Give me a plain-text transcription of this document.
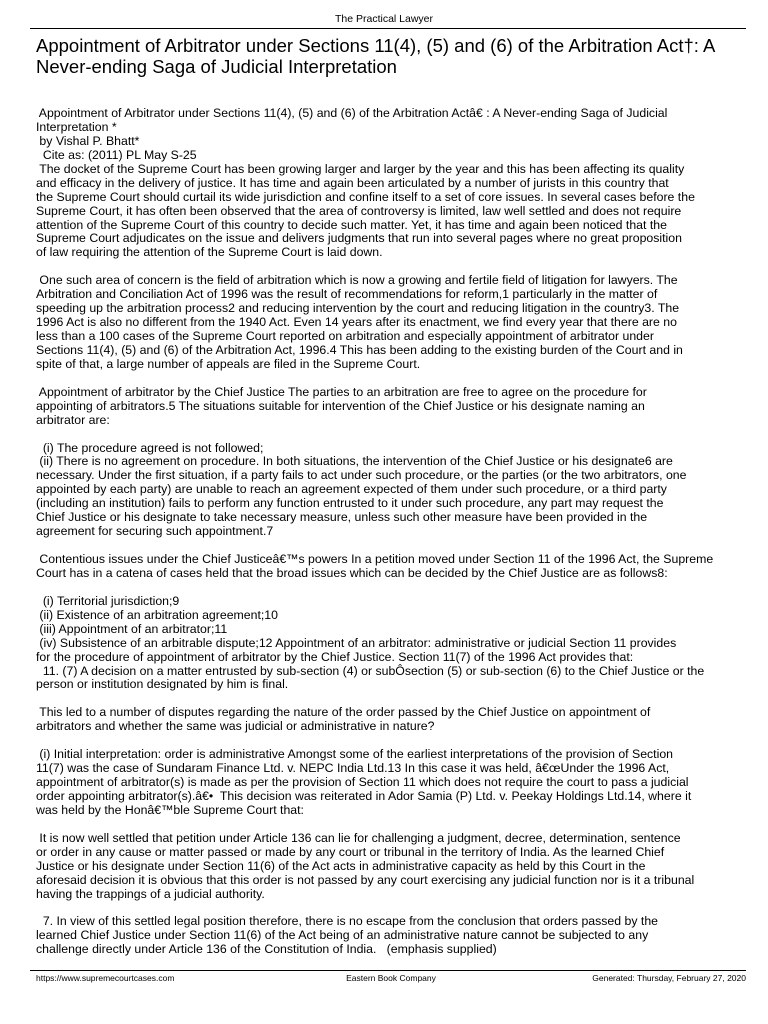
The Practical Lawyer
Appointment of Arbitrator under Sections 11(4), (5) and (6) of the Arbitration Act†: A
Never-ending Saga of Judicial Interpretation
Appointment of Arbitrator under Sections 11(4), (5) and (6) of the Arbitration Actâ€ : A Never-ending Saga of Judicial
Interpretation *
by Vishal P. Bhatt*
Cite as: (2011) PL May S-25
The docket of the Supreme Court has been growing larger and larger by the year and this has been affecting its quality
and efficacy in the delivery of justice. It has time and again been articulated by a number of jurists in this country that
the Supreme Court should curtail its wide jurisdiction and confine itself to a set of core issues. In several cases before the
Supreme Court, it has often been observed that the area of controversy is limited, law well settled and does not require
attention of the Supreme Court of this country to decide such matter. Yet, it has time and again been noticed that the
Supreme Court adjudicates on the issue and delivers judgments that run into several pages where no great proposition
of law requiring the attention of the Supreme Court is laid down.
One such area of concern is the field of arbitration which is now a growing and fertile field of litigation for lawyers. The
Arbitration and Conciliation Act of 1996 was the result of recommendations for reform,1 particularly in the matter of
speeding up the arbitration process2 and reducing intervention by the court and reducing litigation in the country3. The
1996 Act is also no different from the 1940 Act. Even 14 years after its enactment, we find every year that there are no
less than a 100 cases of the Supreme Court reported on arbitration and especially appointment of arbitrator under
Sections 11(4), (5) and (6) of the Arbitration Act, 1996.4 This has been adding to the existing burden of the Court and in
spite of that, a large number of appeals are filed in the Supreme Court.
Appointment of arbitrator by the Chief Justice The parties to an arbitration are free to agree on the procedure for
appointing of arbitrators.5 The situations suitable for intervention of the Chief Justice or his designate naming an
arbitrator are:
(i) The procedure agreed is not followed;
(ii) There is no agreement on procedure. In both situations, the intervention of the Chief Justice or his designate6 are
necessary. Under the first situation, if a party fails to act under such procedure, or the parties (or the two arbitrators, one
appointed by each party) are unable to reach an agreement expected of them under such procedure, or a third party
(including an institution) fails to perform any function entrusted to it under such procedure, any part may request the
Chief Justice or his designate to take necessary measure, unless such other measure have been provided in the
agreement for securing such appointment.7
Contentious issues under the Chief Justiceâ€™s powers In a petition moved under Section 11 of the 1996 Act, the Supreme
Court has in a catena of cases held that the broad issues which can be decided by the Chief Justice are as follows8:
(i) Territorial jurisdiction;9
(ii) Existence of an arbitration agreement;10
(iii) Appointment of an arbitrator;11
(iv) Subsistence of an arbitrable dispute;12 Appointment of an arbitrator: administrative or judicial Section 11 provides
for the procedure of appointment of arbitrator by the Chief Justice. Section 11(7) of the 1996 Act provides that:
11. (7) A decision on a matter entrusted by sub-section (4) or subÔsection (5) or sub-section (6) to the Chief Justice or the
person or institution designated by him is final.
This led to a number of disputes regarding the nature of the order passed by the Chief Justice on appointment of
arbitrators and whether the same was judicial or administrative in nature?
(i) Initial interpretation: order is administrative Amongst some of the earliest interpretations of the provision of Section
11(7) was the case of Sundaram Finance Ltd. v. NEPC India Ltd.13 In this case it was held, â€œUnder the 1996 Act,
appointment of arbitrator(s) is made as per the provision of Section 11 which does not require the court to pass a judicial
order appointing arbitrator(s).â€•  This decision was reiterated in Ador Samia (P) Ltd. v. Peekay Holdings Ltd.14, where it
was held by the Honâ€™ble Supreme Court that:
It is now well settled that petition under Article 136 can lie for challenging a judgment, decree, determination, sentence
or order in any cause or matter passed or made by any court or tribunal in the territory of India. As the learned Chief
Justice or his designate under Section 11(6) of the Act acts in administrative capacity as held by this Court in the
aforesaid decision it is obvious that this order is not passed by any court exercising any judicial function nor is it a tribunal
having the trappings of a judicial authority.
7. In view of this settled legal position therefore, there is no escape from the conclusion that orders passed by the
learned Chief Justice under Section 11(6) of the Act being of an administrative nature cannot be subjected to any
challenge directly under Article 136 of the Constitution of India.   (emphasis supplied)
https://www.supremecourtcases.com	Eastern Book Company	Generated: Thursday, February 27, 2020
